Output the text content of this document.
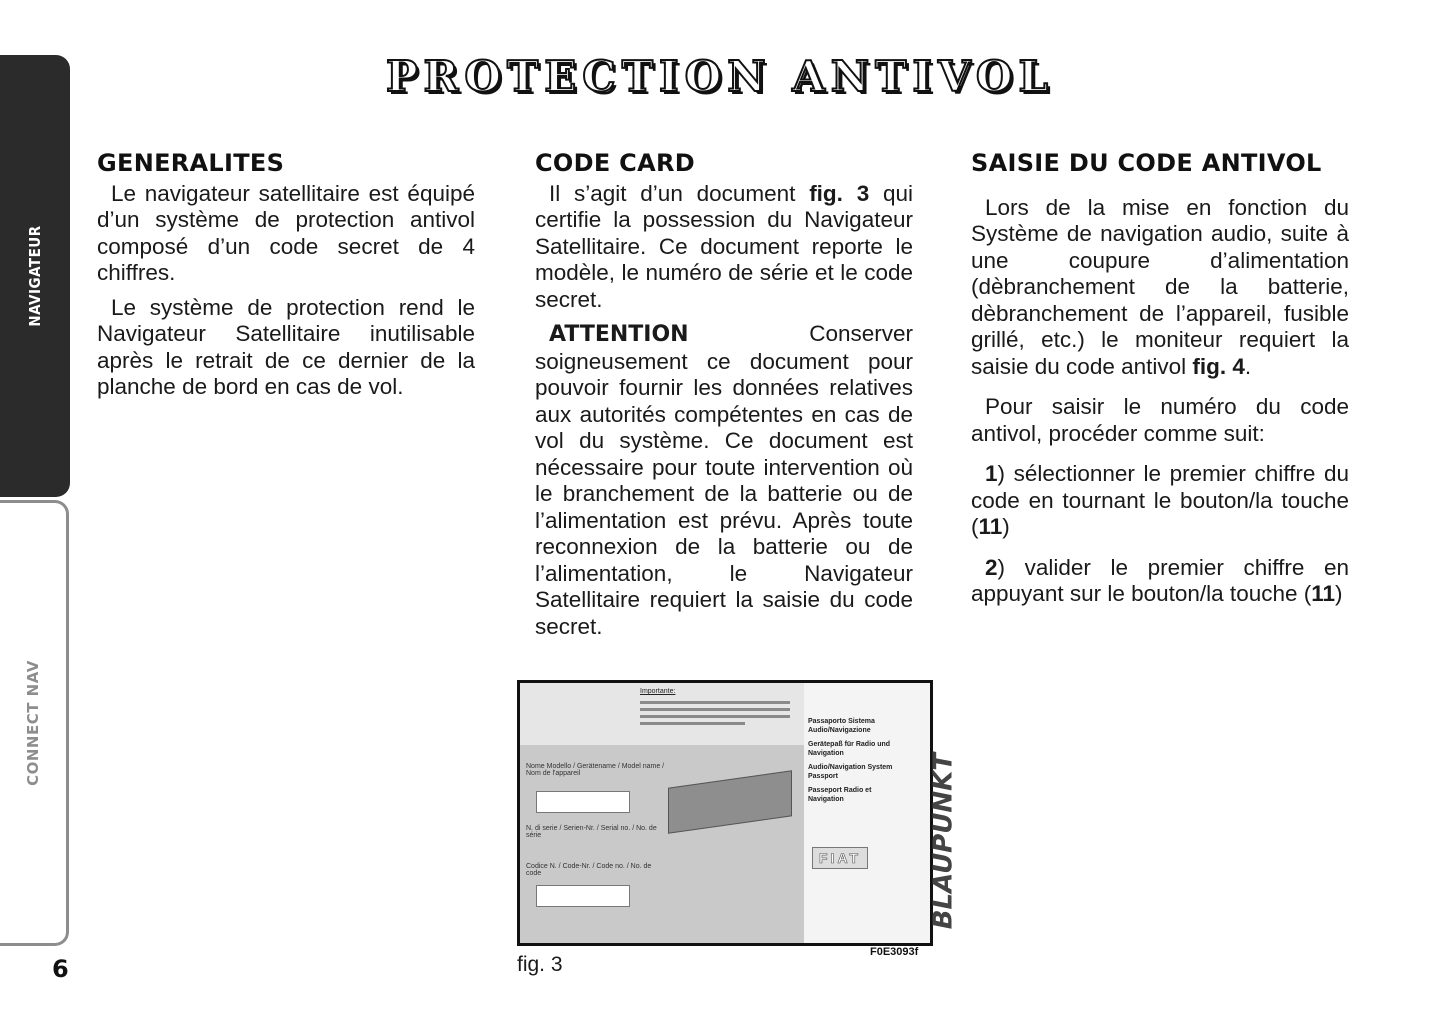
NAVIGATEUR
CONNECT NAV
6
PROTECTION ANTIVOL
GENERALITES

Le navigateur satellitaire est équipé d’un système de protection antivol composé d’un code secret de 4 chiffres.

Le système de protection rend le Navigateur Satellitaire inutilisable après le retrait de ce dernier de la planche de bord en cas de vol.

CODE CARD

Il s’agit d’un document fig. 3 qui certifie la possession du Navigateur Satellitaire. Ce document reporte le modèle, le numéro de série et le code secret.

ATTENTION Conserver soigneusement ce document pour pouvoir fournir les données relatives aux autorités compétentes en cas de vol du système. Ce document est nécessaire pour toute intervention où le branchement de la batterie ou de l’alimentation est prévu. Après toute reconnexion de la batterie ou de l’alimentation, le Navigateur Satellitaire requiert la saisie du code secret.

SAISIE DU CODE ANTIVOL

Lors de la mise en fonction du Système de navigation audio, suite à une coupure d’alimentation (dèbranchement de la batterie, dèbranchement de l’appareil, fusible grillé, etc.) le moniteur requiert la saisie du code antivol fig. 4.

Pour saisir le numéro du code antivol, procéder comme suit:

1) sélectionner le premier chiffre du code en tournant le bouton/la touche (11)

2) valider le premier chiffre en appuyant sur le bouton/la touche (11)

Importante:
Nome Modello / Gerätename / Model name / Nom de l'appareil
N. di serie / Serien-Nr. / Serial no. / No. de série
Codice N. / Code-Nr. / Code no. / No. de code
Passaporto Sistema Audio/Navigazione
Gerätepaß für Radio und Navigation
Audio/Navigation System Passport
Passeport Radio et Navigation	BLAUPUNKT
FIAT
fig. 3
F0E3093f
